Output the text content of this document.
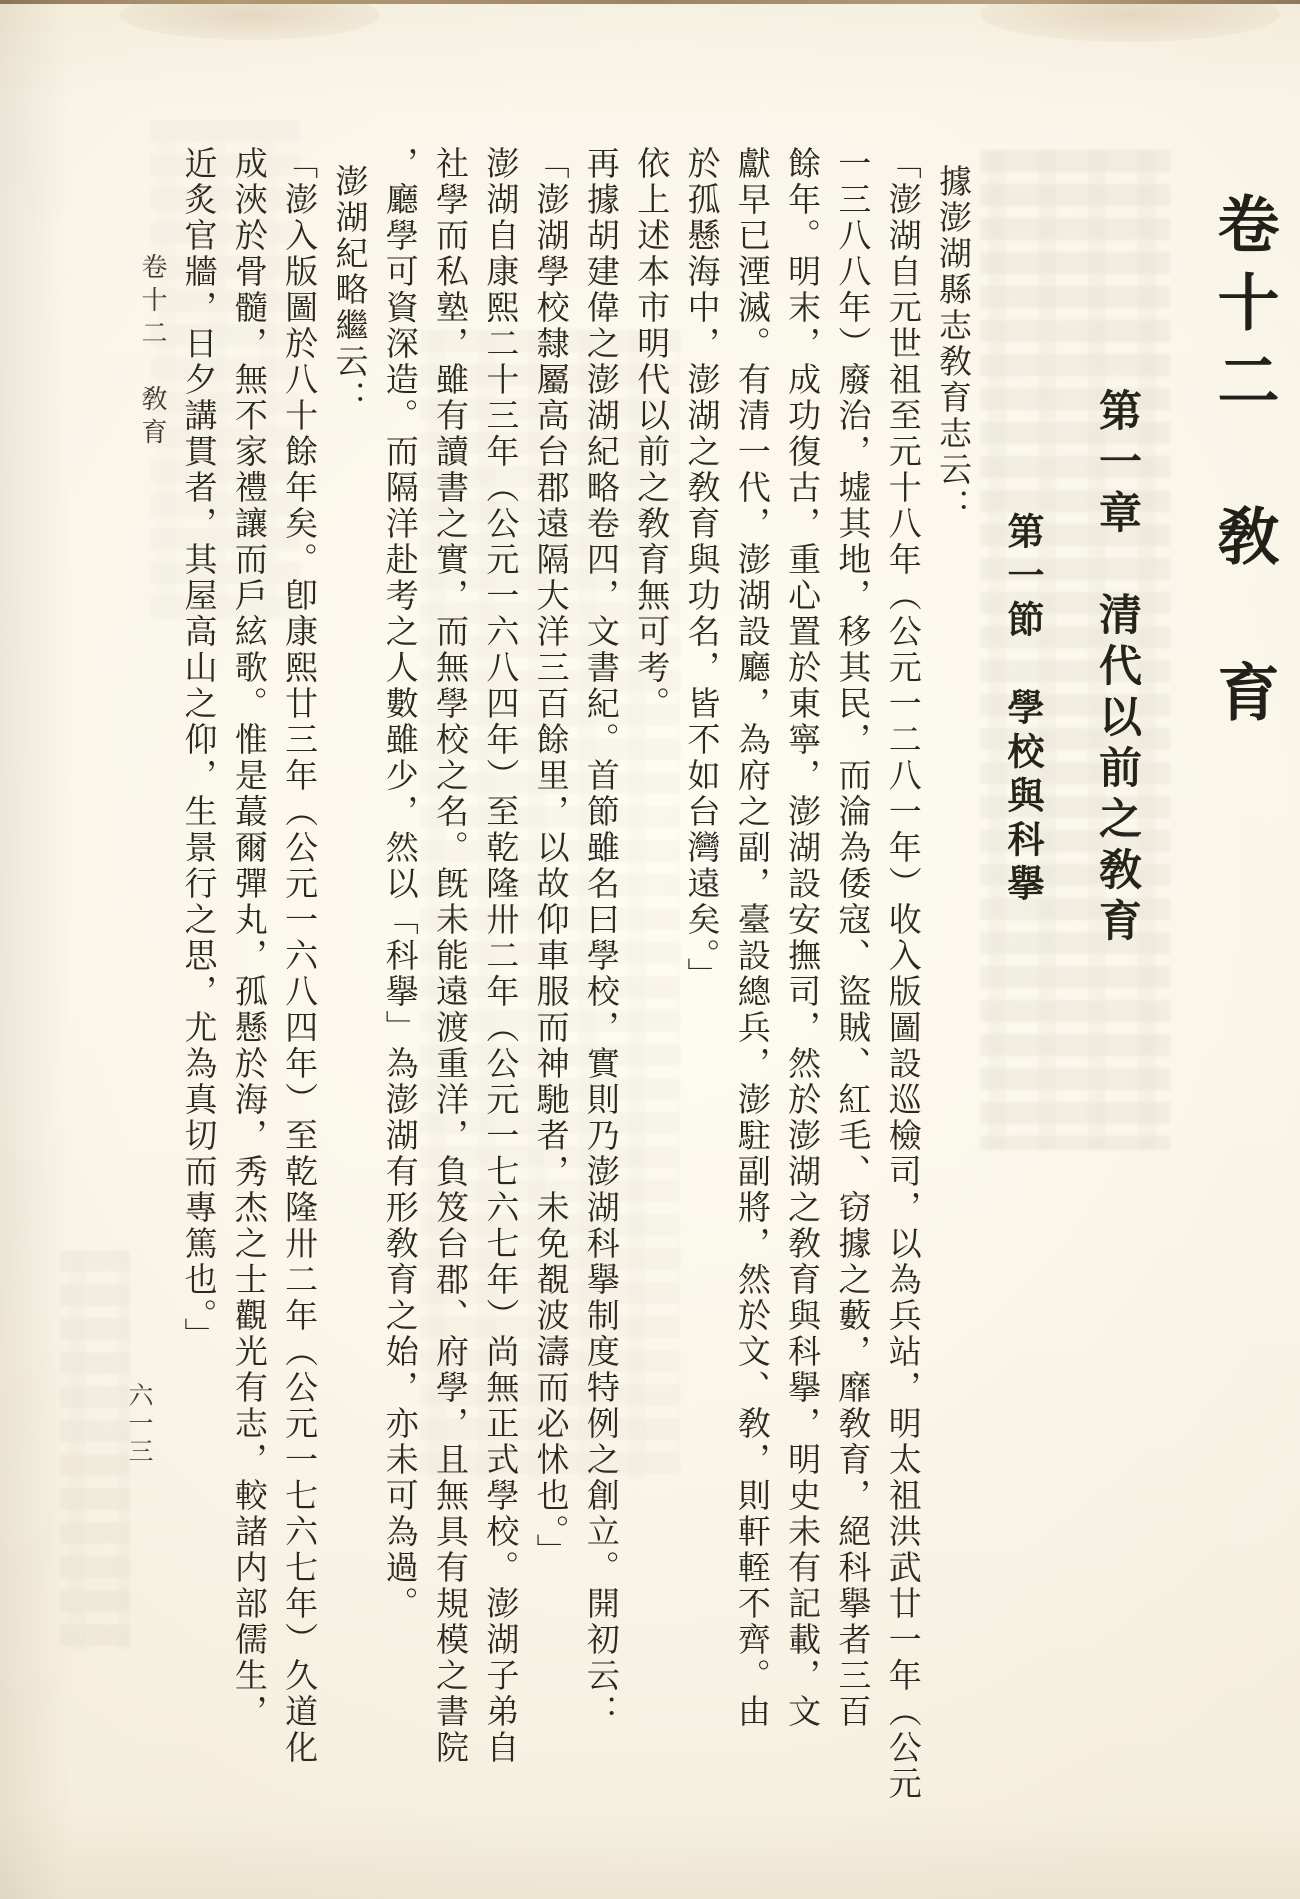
卷十二　敎　育
第一章　清代以前之敎育
第一節　學校與科擧
據澎湖縣志敎育志云：
「澎湖自元世祖至元十八年（公元一二八一年）收入版圖設巡檢司，以為兵站，明太祖洪武廿一年（公元
一三八八年）廢治，墟其地，移其民，而淪為倭寇、盜賊、紅毛、窃據之藪，靡敎育，絕科擧者三百
餘年。明末，成功復古，重心置於東寧，澎湖設安撫司，然於澎湖之敎育與科擧，明史未有記載，文
獻早已湮滅。有清一代，澎湖設廳，為府之副，臺設總兵，澎駐副將，然於文、敎，則軒輊不齊。由
於孤懸海中，澎湖之敎育與功名，皆不如台灣遠矣。」
依上述本市明代以前之敎育無可考。
再據胡建偉之澎湖紀略卷四，文書紀。首節雖名曰學校，實則乃澎湖科擧制度特例之創立。開初云：
「澎湖學校隸屬高台郡遠隔大洋三百餘里，以故仰車服而神馳者，未免覩波濤而必怵也。」
澎湖自康熙二十三年（公元一六八四年）至乾隆卅二年（公元一七六七年）尚無正式學校。澎湖子弟自
社學而私塾，雖有讀書之實，而無學校之名。旣未能遠渡重洋，負笈台郡、府學，且無具有規模之書院
，廳學可資深造。而隔洋赴考之人數雖少，然以「科擧」為澎湖有形敎育之始，亦未可為過。
澎湖紀略繼云：
「澎入版圖於八十餘年矣。卽康熙廿三年（公元一六八四年）至乾隆卅二年（公元一七六七年）久道化
成浹於骨髓，無不家禮讓而戶絃歌。惟是蕞爾彈丸，孤懸於海，秀杰之士觀光有志，較諸内部儒生，
近炙官牆，日夕講貫者，其屋高山之仰，生景行之思，尤為真切而專篤也。」
卷十二　敎育
六一三
